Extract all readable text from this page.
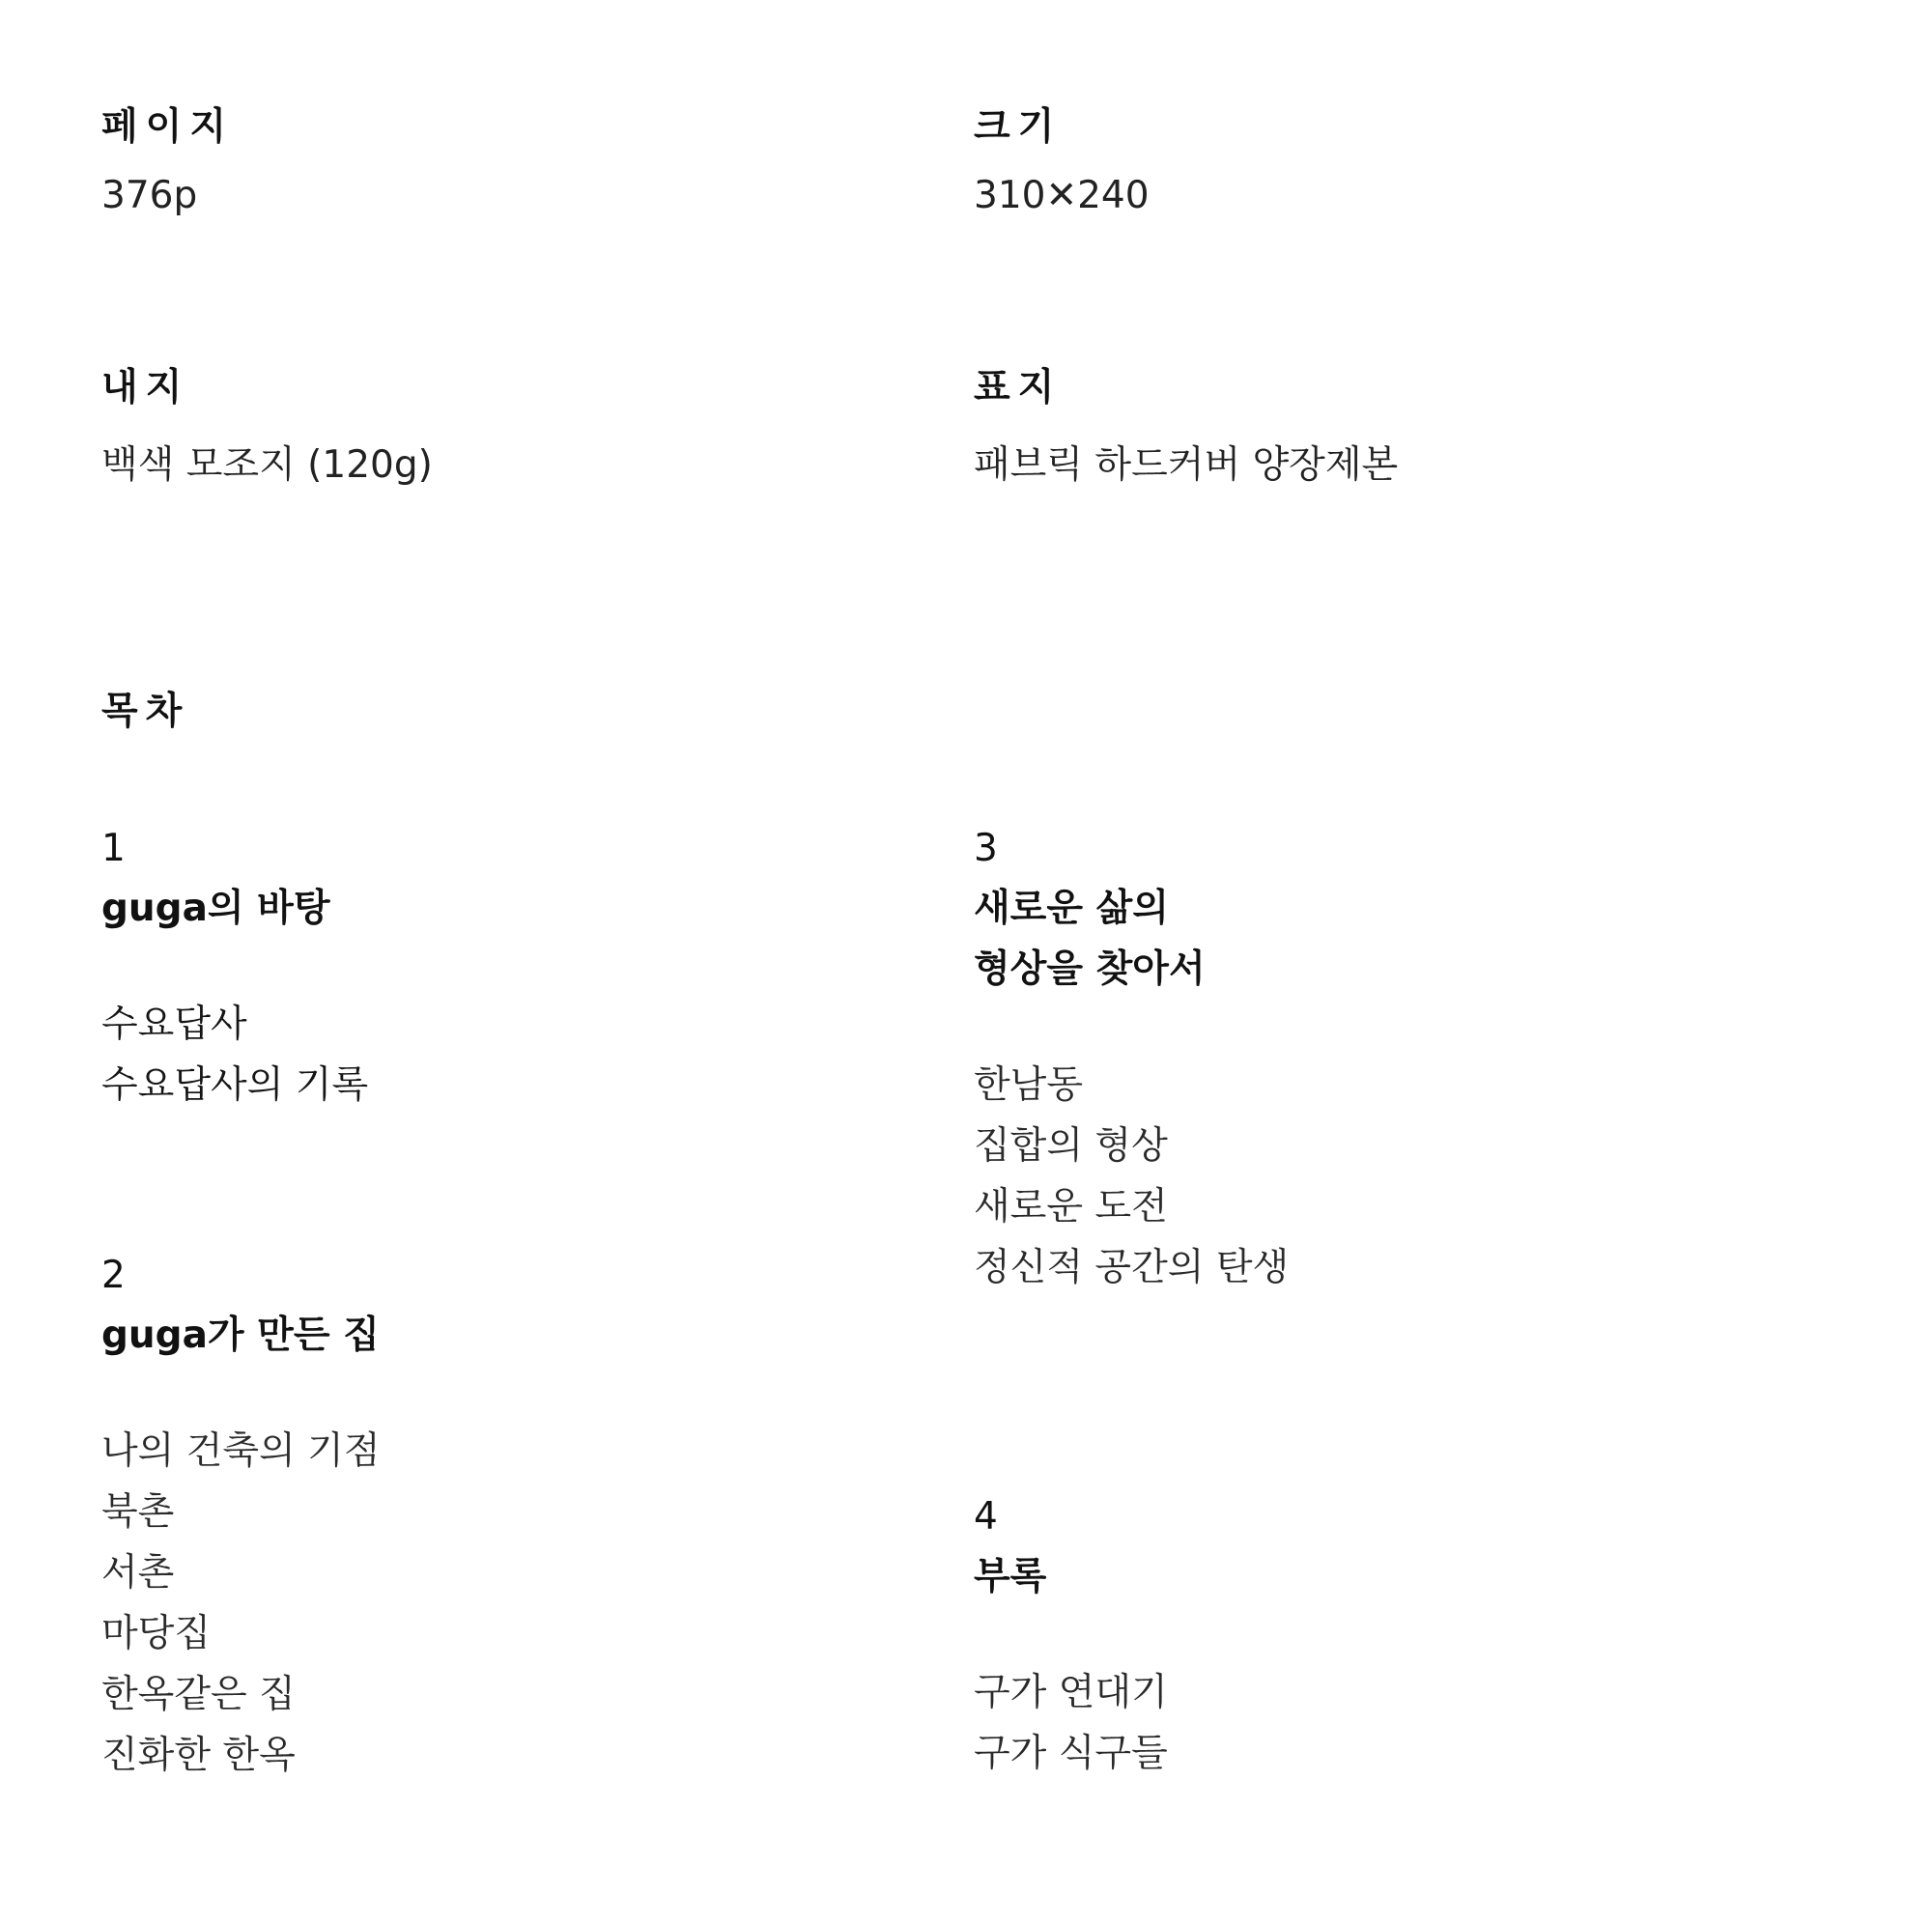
페이지
376p
크기
310✕240
내지
백색 모조지 (120g)
표지
패브릭 하드커버 양장제본
목차
1
guga의 바탕
수요답사
수요답사의 기록
2
guga가 만든 집
나의 건축의 기점
북촌
서촌
마당집
한옥같은 집
진화한 한옥
3
새로운 삶의
형상을 찾아서
한남동
집합의 형상
새로운 도전
정신적 공간의 탄생
4
부록
구가 연대기
구가 식구들
